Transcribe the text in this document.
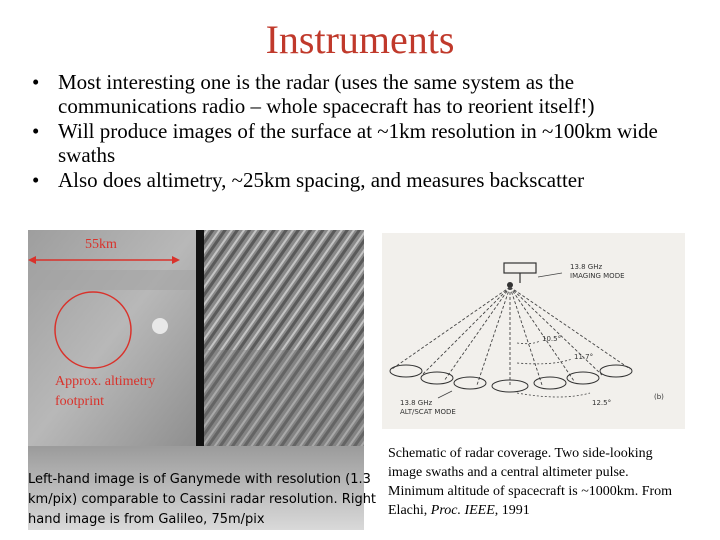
Instruments
• Most interesting one is the radar (uses the same system as the communications radio – whole spacecraft has to reorient itself!)
• Will produce images of the surface at ~1km resolution in ~100km wide swaths
• Also does altimetry, ~25km spacing, and measures backscatter
55km
Approx. altimetry
footprint
Left-hand image is of Ganymede with resolution (1.3 km/pix) comparable to Cassini radar resolution. Right hand image is from Galileo, 75m/pix
13.8 GHz
IMAGING MODE
13.8 GHz
ALT/SCAT MODE
10.5°
11.7°
12.5°
(b)
Schematic of radar coverage. Two side-looking image swaths and a central altimeter pulse. Minimum altitude of spacecraft is ~1000km. From Elachi, Proc. IEEE, 1991
